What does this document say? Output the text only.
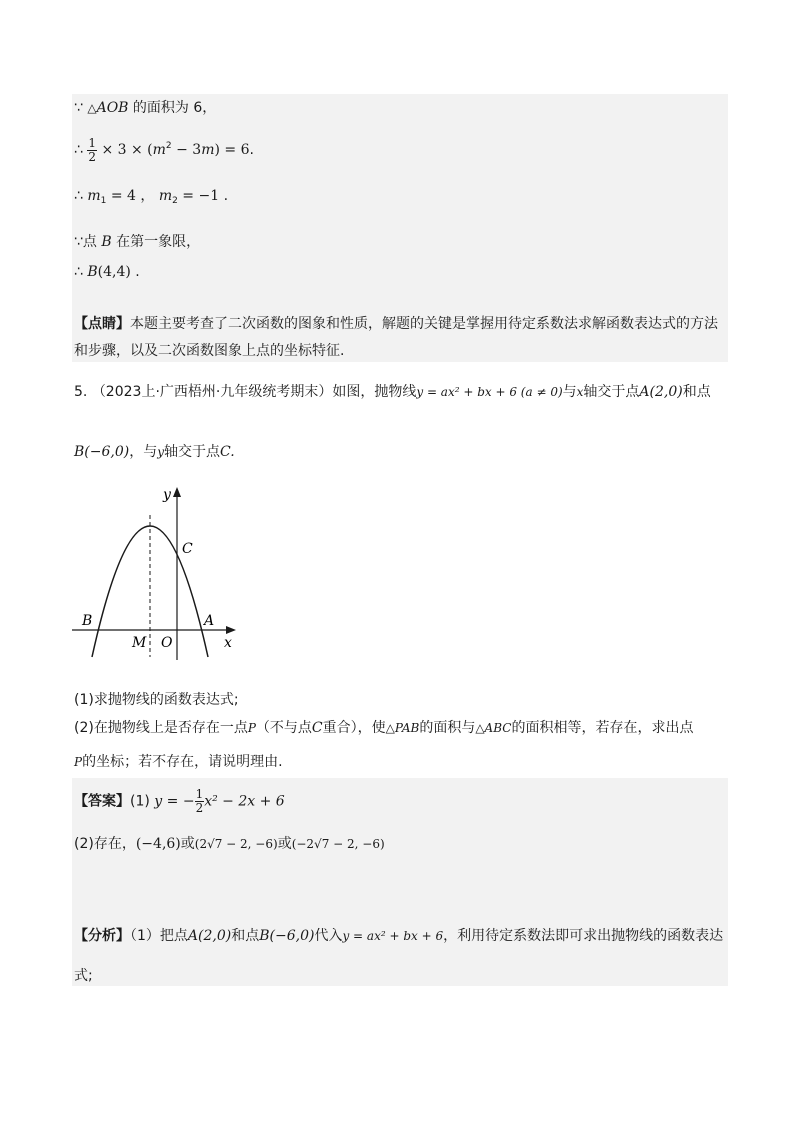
∵ △AOB 的面积为 6，
∴ $\frac{1}{2} \times 3 \times (m^2 - 3m) = 6$.
∴ $m_1 = 4$ ， $m_2 = -1$ .
∵点 B 在第一象限，
∴ B(4,4) .
【点睛】本题主要考查了二次函数的图象和性质，解题的关键是掌握用待定系数法求解函数表达式的方法
和步骤，以及二次函数图象上点的坐标特征.
5. （2023上·广西梧州·九年级统考期末）如图，抛物线y = ax² + bx + 6 (a ≠ 0)与x轴交于点A(2,0)和点
B(−6,0)，与y轴交于点C.
y
x
C
B	A
M O
(1)求抛物线的函数表达式;
(2)在抛物线上是否存在一点P（不与点C重合），使△PAB的面积与△ABC的面积相等，若存在，求出点
P的坐标；若不存在，请说明理由.
【答案】(1) y = − $\frac{1}{2} x^2 - 2x + 6$
(2)存在，(−4,6)或(2√7 − 2, −6)或(−2√7 − 2, −6)
【分析】（1）把点A(2,0)和点B(−6,0)代入y = ax² + bx + 6，利用待定系数法即可求出抛物线的函数表达
式;
